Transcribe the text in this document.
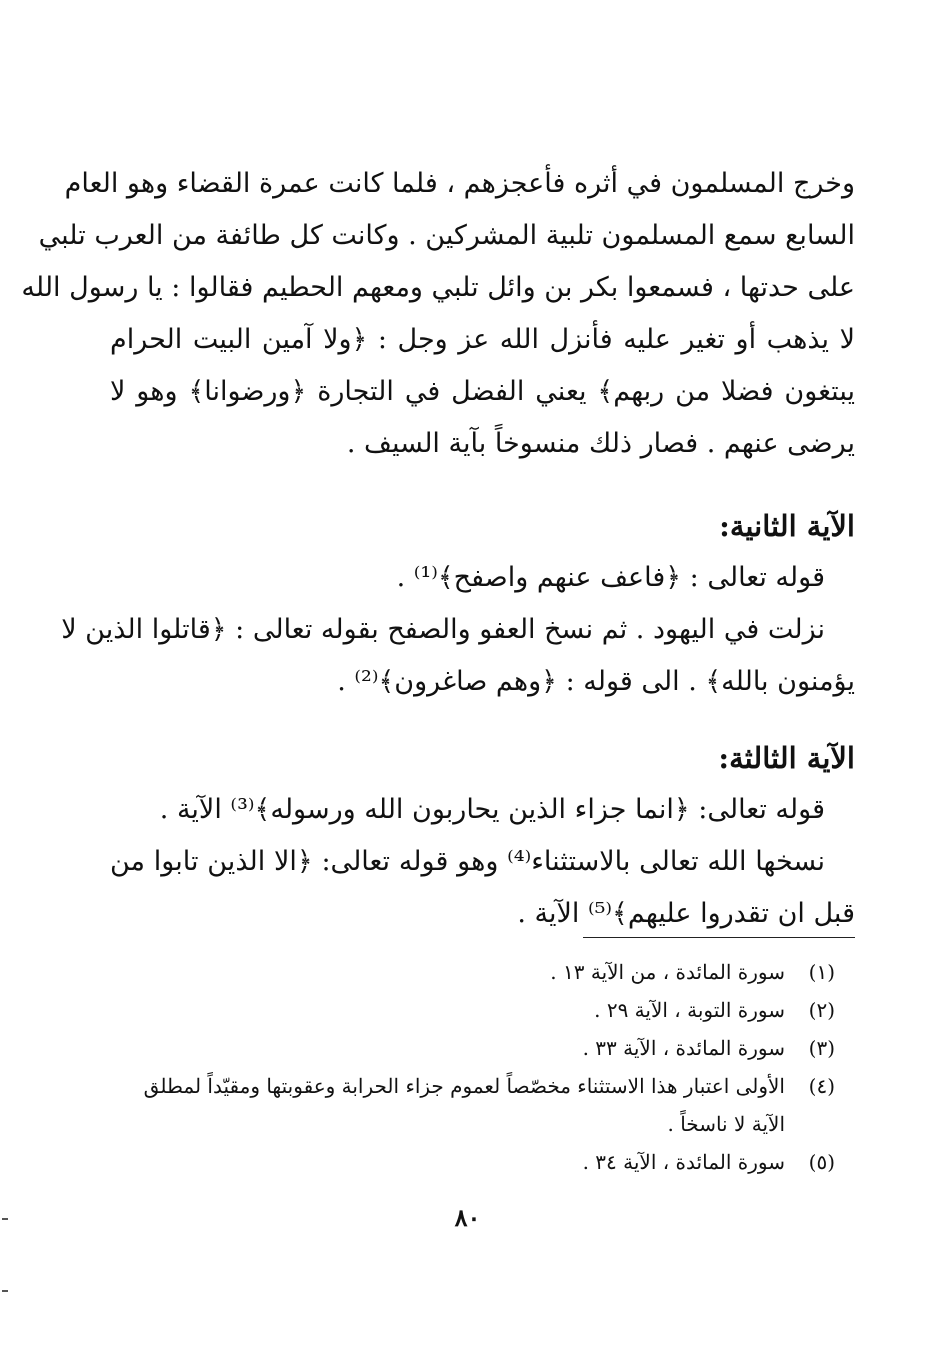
وخرج المسلمون في أثره فأعجزهم ، فلما كانت عمرة القضاء وهو العام
السابع سمع المسلمون تلبية المشركين . وكانت كل طائفة من العرب تلبي
على حدتها ، فسمعوا بكر بن وائل تلبي ومعهم الحطيم فقالوا : يا رسول الله
لا يذهب أو تغير عليه فأنزل الله عز وجل : ﴿ولا آمين البيت الحرام
يبتغون فضلا من ربهم﴾ يعني الفضل في التجارة ﴿ورضوانا﴾ وهو لا
يرضى عنهم . فصار ذلك منسوخاً بآية السيف .
الآية الثانية:
قوله تعالى : ﴿فاعف عنهم واصفح﴾⁽¹⁾ .
نزلت في اليهود . ثم نسخ العفو والصفح بقوله تعالى : ﴿قاتلوا الذين لا
يؤمنون بالله﴾ . الى قوله : ﴿وهم صاغرون﴾⁽²⁾ .
الآية الثالثة:
قوله تعالى: ﴿انما جزاء الذين يحاربون الله ورسوله﴾⁽³⁾ الآية .
نسخها الله تعالى بالاستثناء⁽⁴⁾ وهو قوله تعالى: ﴿الا الذين تابوا من
قبل ان تقدروا عليهم﴾⁽⁵⁾ الآية .
(١)
سورة المائدة ، من الآية ١٣ .
(٢)
سورة التوبة ، الآية ٢٩ .
(٣)
سورة المائدة ، الآية ٣٣ .
(٤)
الأولى اعتبار هذا الاستثناء مخصّصاً لعموم جزاء الحرابة وعقوبتها ومقيّداً لمطلق
الآية لا ناسخاً .
(٥)
سورة المائدة ، الآية ٣٤ .
٨٠
